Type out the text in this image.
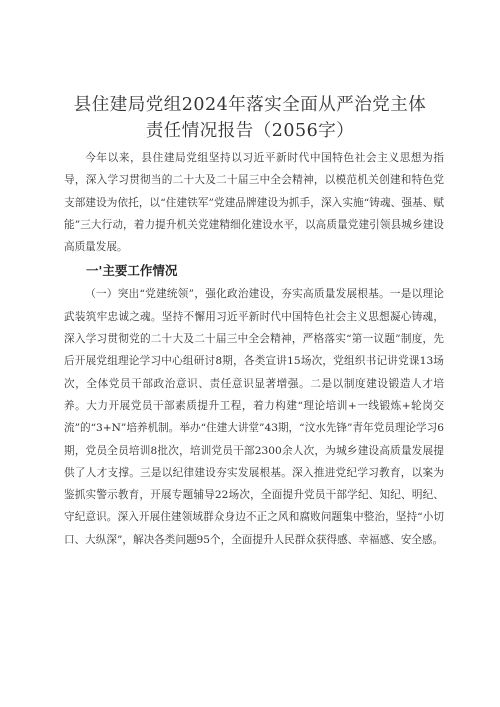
县住建局党组2024年落实全面从严治党主体
责任情况报告（2056字）

今年以来，县住建局党组坚持以习近平新时代中国特色社会主义思想为指导，深入学习贯彻当的二十大及二十届三中全会精神，以模范机关创建和特色党支部建设为依托，以“住建铁军”党建品牌建设为抓手，深入实施“铸魂、强基、赋能”三大行动，着力提升机关党建精细化建设水平，以高质量党建引领县城乡建设高质量发展。

一'主要工作情况

（一）突出“党建统领”，强化政治建设，夯实高质量发展根基。一是以理论武装筑牢忠诚之魂。坚持不懈用习近平新时代中国特色社会主义思想凝心铸魂，深入学习贯彻党的二十大及二十届三中全会精神，严格落实“第一议题”制度，先后开展党组理论学习中心组研讨8期，各类宣讲15场次，党组织书记讲党课13场次，全体党员干部政治意识、责任意识显著增强。二是以制度建设锻造人才培养。大力开展党员干部素质提升工程，着力构建“理论培训+一线锻炼+轮岗交流”的“3+N”培养机制。举办“住建大讲堂”43期，“汶水先锋”青年党员理论学习6期，党员全员培训8批次，培训党员干部2300余人次，为城乡建设高质量发展提供了人才支撑。三是以纪律建设夯实发展根基。深入推进党纪学习教育，以案为鉴抓实警示教育，开展专题辅导22场次，全面提升党员干部学纪、知纪、明纪、守纪意识。深入开展住建领域群众身边不正之风和腐败问题集中整治，坚持“小切口、大纵深”，解决各类问题95个，全面提升人民群众获得感、幸福感、安全感。
